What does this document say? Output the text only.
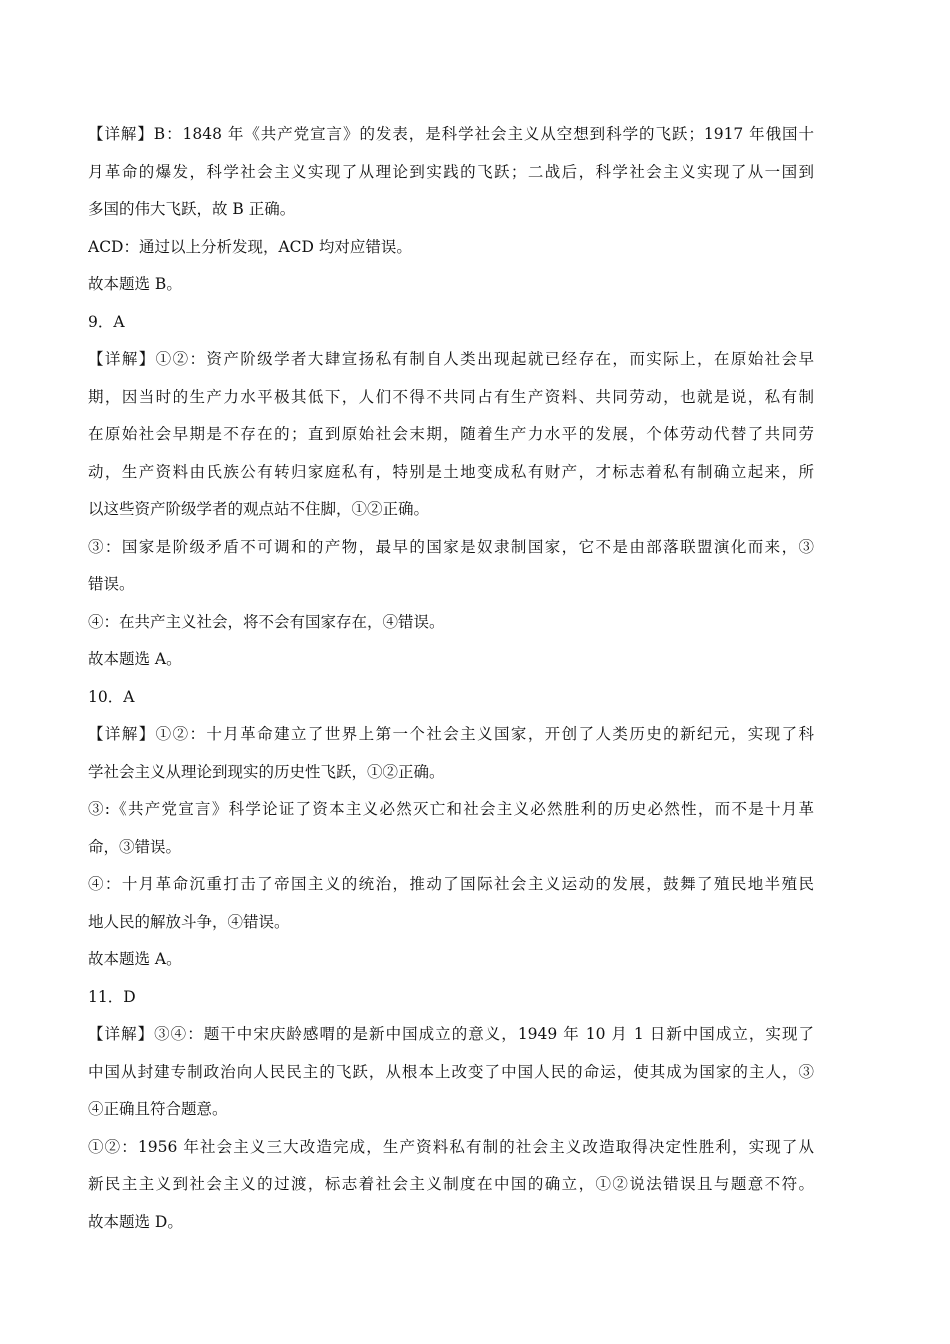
【详解】B：1848 年《共产党宣言》的发表，是科学社会主义从空想到科学的飞跃；1917 年俄国十
月革命的爆发，科学社会主义实现了从理论到实践的飞跃；二战后，科学社会主义实现了从一国到
多国的伟大飞跃，故 B 正确。
ACD：通过以上分析发现，ACD 均对应错误。
故本题选 B。
9．A
【详解】①②：资产阶级学者大肆宣扬私有制自人类出现起就已经存在，而实际上，在原始社会早
期，因当时的生产力水平极其低下，人们不得不共同占有生产资料、共同劳动，也就是说，私有制
在原始社会早期是不存在的；直到原始社会末期，随着生产力水平的发展，个体劳动代替了共同劳
动，生产资料由氏族公有转归家庭私有，特别是土地变成私有财产，才标志着私有制确立起来，所
以这些资产阶级学者的观点站不住脚，①②正确。
③：国家是阶级矛盾不可调和的产物，最早的国家是奴隶制国家，它不是由部落联盟演化而来，③
错误。
④：在共产主义社会，将不会有国家存在，④错误。
故本题选 A。
10．A
【详解】①②：十月革命建立了世界上第一个社会主义国家，开创了人类历史的新纪元，实现了科
学社会主义从理论到现实的历史性飞跃，①②正确。
③:《共产党宣言》科学论证了资本主义必然灭亡和社会主义必然胜利的历史必然性，而不是十月革
命，③错误。
④：十月革命沉重打击了帝国主义的统治，推动了国际社会主义运动的发展，鼓舞了殖民地半殖民
地人民的解放斗争，④错误。
故本题选 A。
11．D
【详解】③④：题干中宋庆龄感喟的是新中国成立的意义，1949 年 10 月 1 日新中国成立，实现了
中国从封建专制政治向人民民主的飞跃，从根本上改变了中国人民的命运，使其成为国家的主人，③
④正确且符合题意。
①②：1956 年社会主义三大改造完成，生产资料私有制的社会主义改造取得决定性胜利，实现了从
新民主主义到社会主义的过渡，标志着社会主义制度在中国的确立，①②说法错误且与题意不符。
故本题选 D。
